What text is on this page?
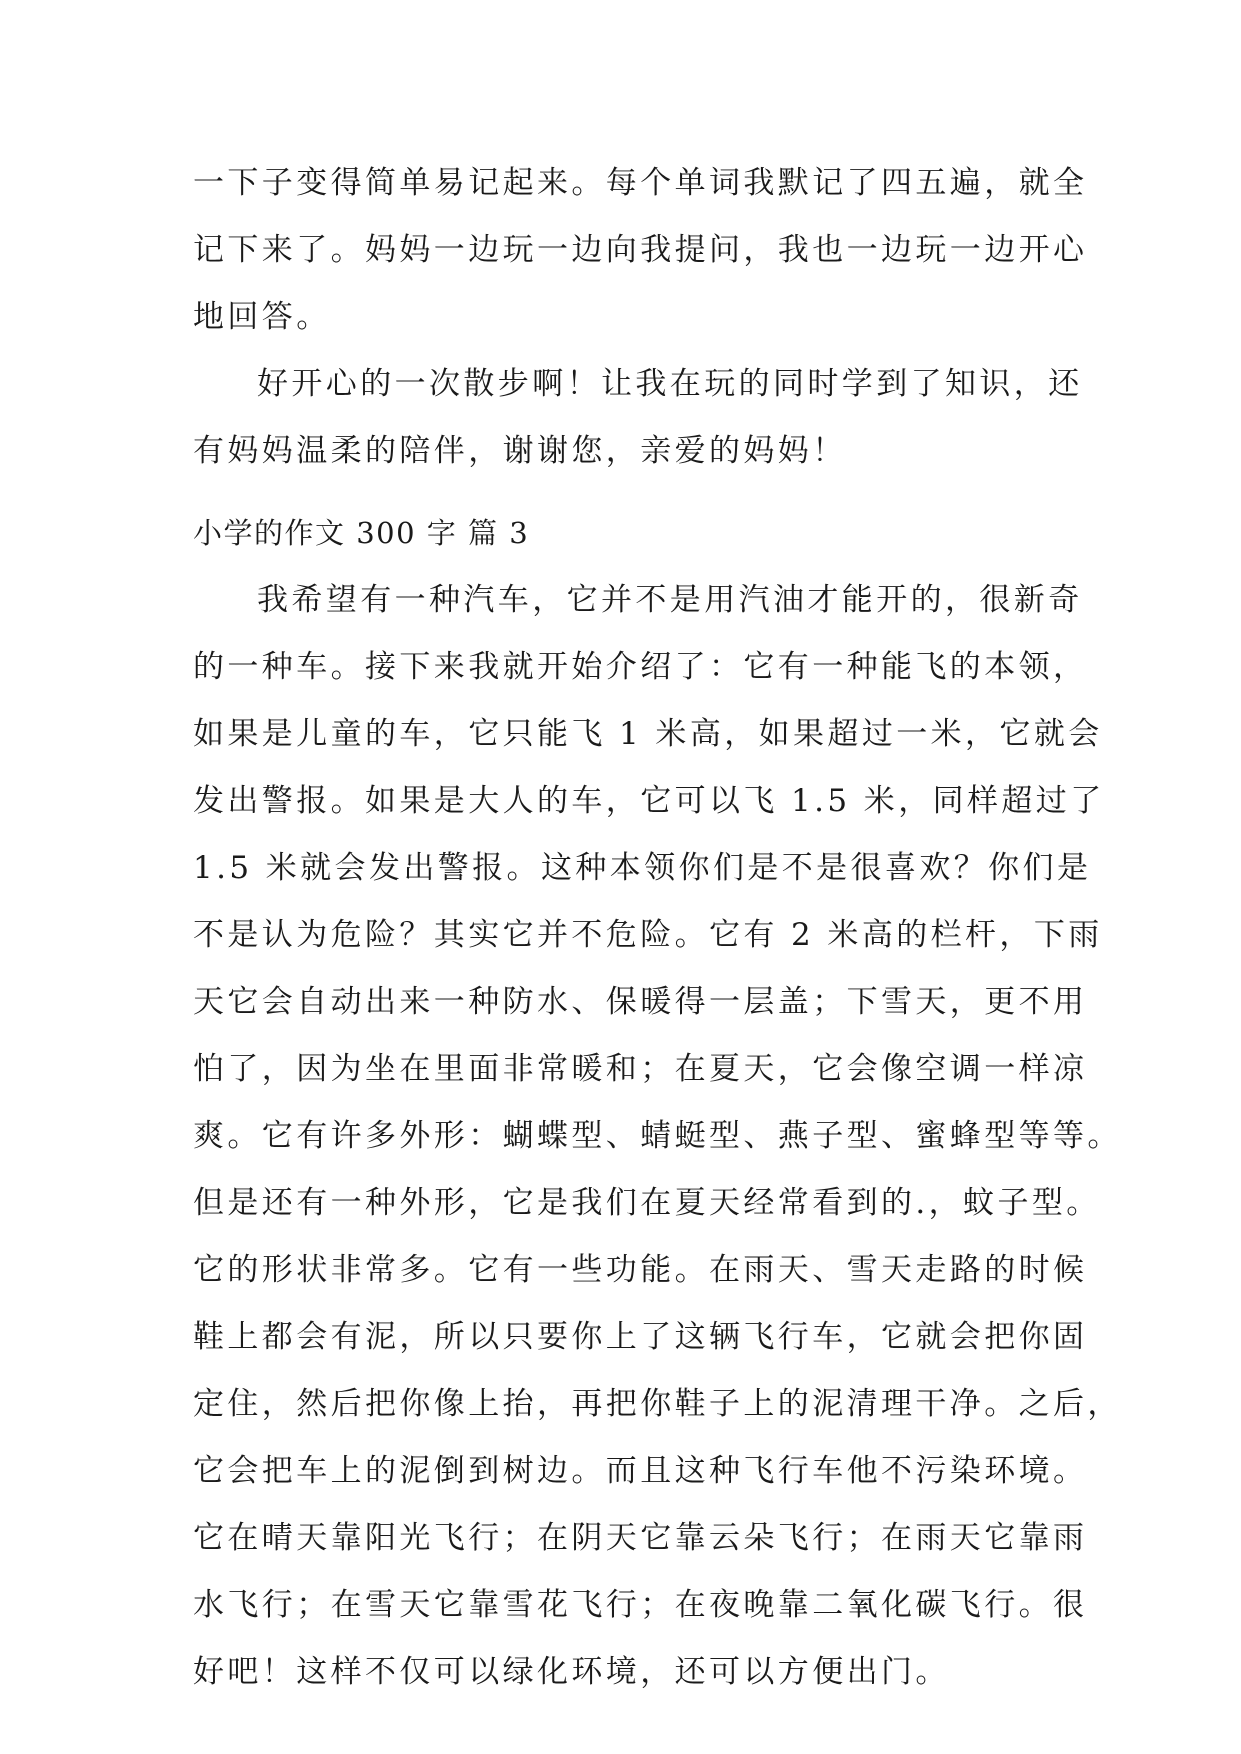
一下子变得简单易记起来。每个单词我默记了四五遍，就全
记下来了。妈妈一边玩一边向我提问，我也一边玩一边开心
地回答。
好开心的一次散步啊！让我在玩的同时学到了知识，还
有妈妈温柔的陪伴，谢谢您，亲爱的妈妈！
小学的作文 300 字 篇 3
我希望有一种汽车，它并不是用汽油才能开的，很新奇
的一种车。接下来我就开始介绍了：它有一种能飞的本领，
如果是儿童的车，它只能飞 1 米高，如果超过一米，它就会
发出警报。如果是大人的车，它可以飞 1.5 米，同样超过了
1.5 米就会发出警报。这种本领你们是不是很喜欢？你们是
不是认为危险？其实它并不危险。它有 2 米高的栏杆，下雨
天它会自动出来一种防水、保暖得一层盖；下雪天，更不用
怕了，因为坐在里面非常暖和；在夏天，它会像空调一样凉
爽。它有许多外形：蝴蝶型、蜻蜓型、燕子型、蜜蜂型等等。
但是还有一种外形，它是我们在夏天经常看到的.，蚊子型。
它的形状非常多。它有一些功能。在雨天、雪天走路的时候
鞋上都会有泥，所以只要你上了这辆飞行车，它就会把你固
定住，然后把你像上抬，再把你鞋子上的泥清理干净。之后，
它会把车上的泥倒到树边。而且这种飞行车他不污染环境。
它在晴天靠阳光飞行；在阴天它靠云朵飞行；在雨天它靠雨
水飞行；在雪天它靠雪花飞行；在夜晚靠二氧化碳飞行。很
好吧！这样不仅可以绿化环境，还可以方便出门。
